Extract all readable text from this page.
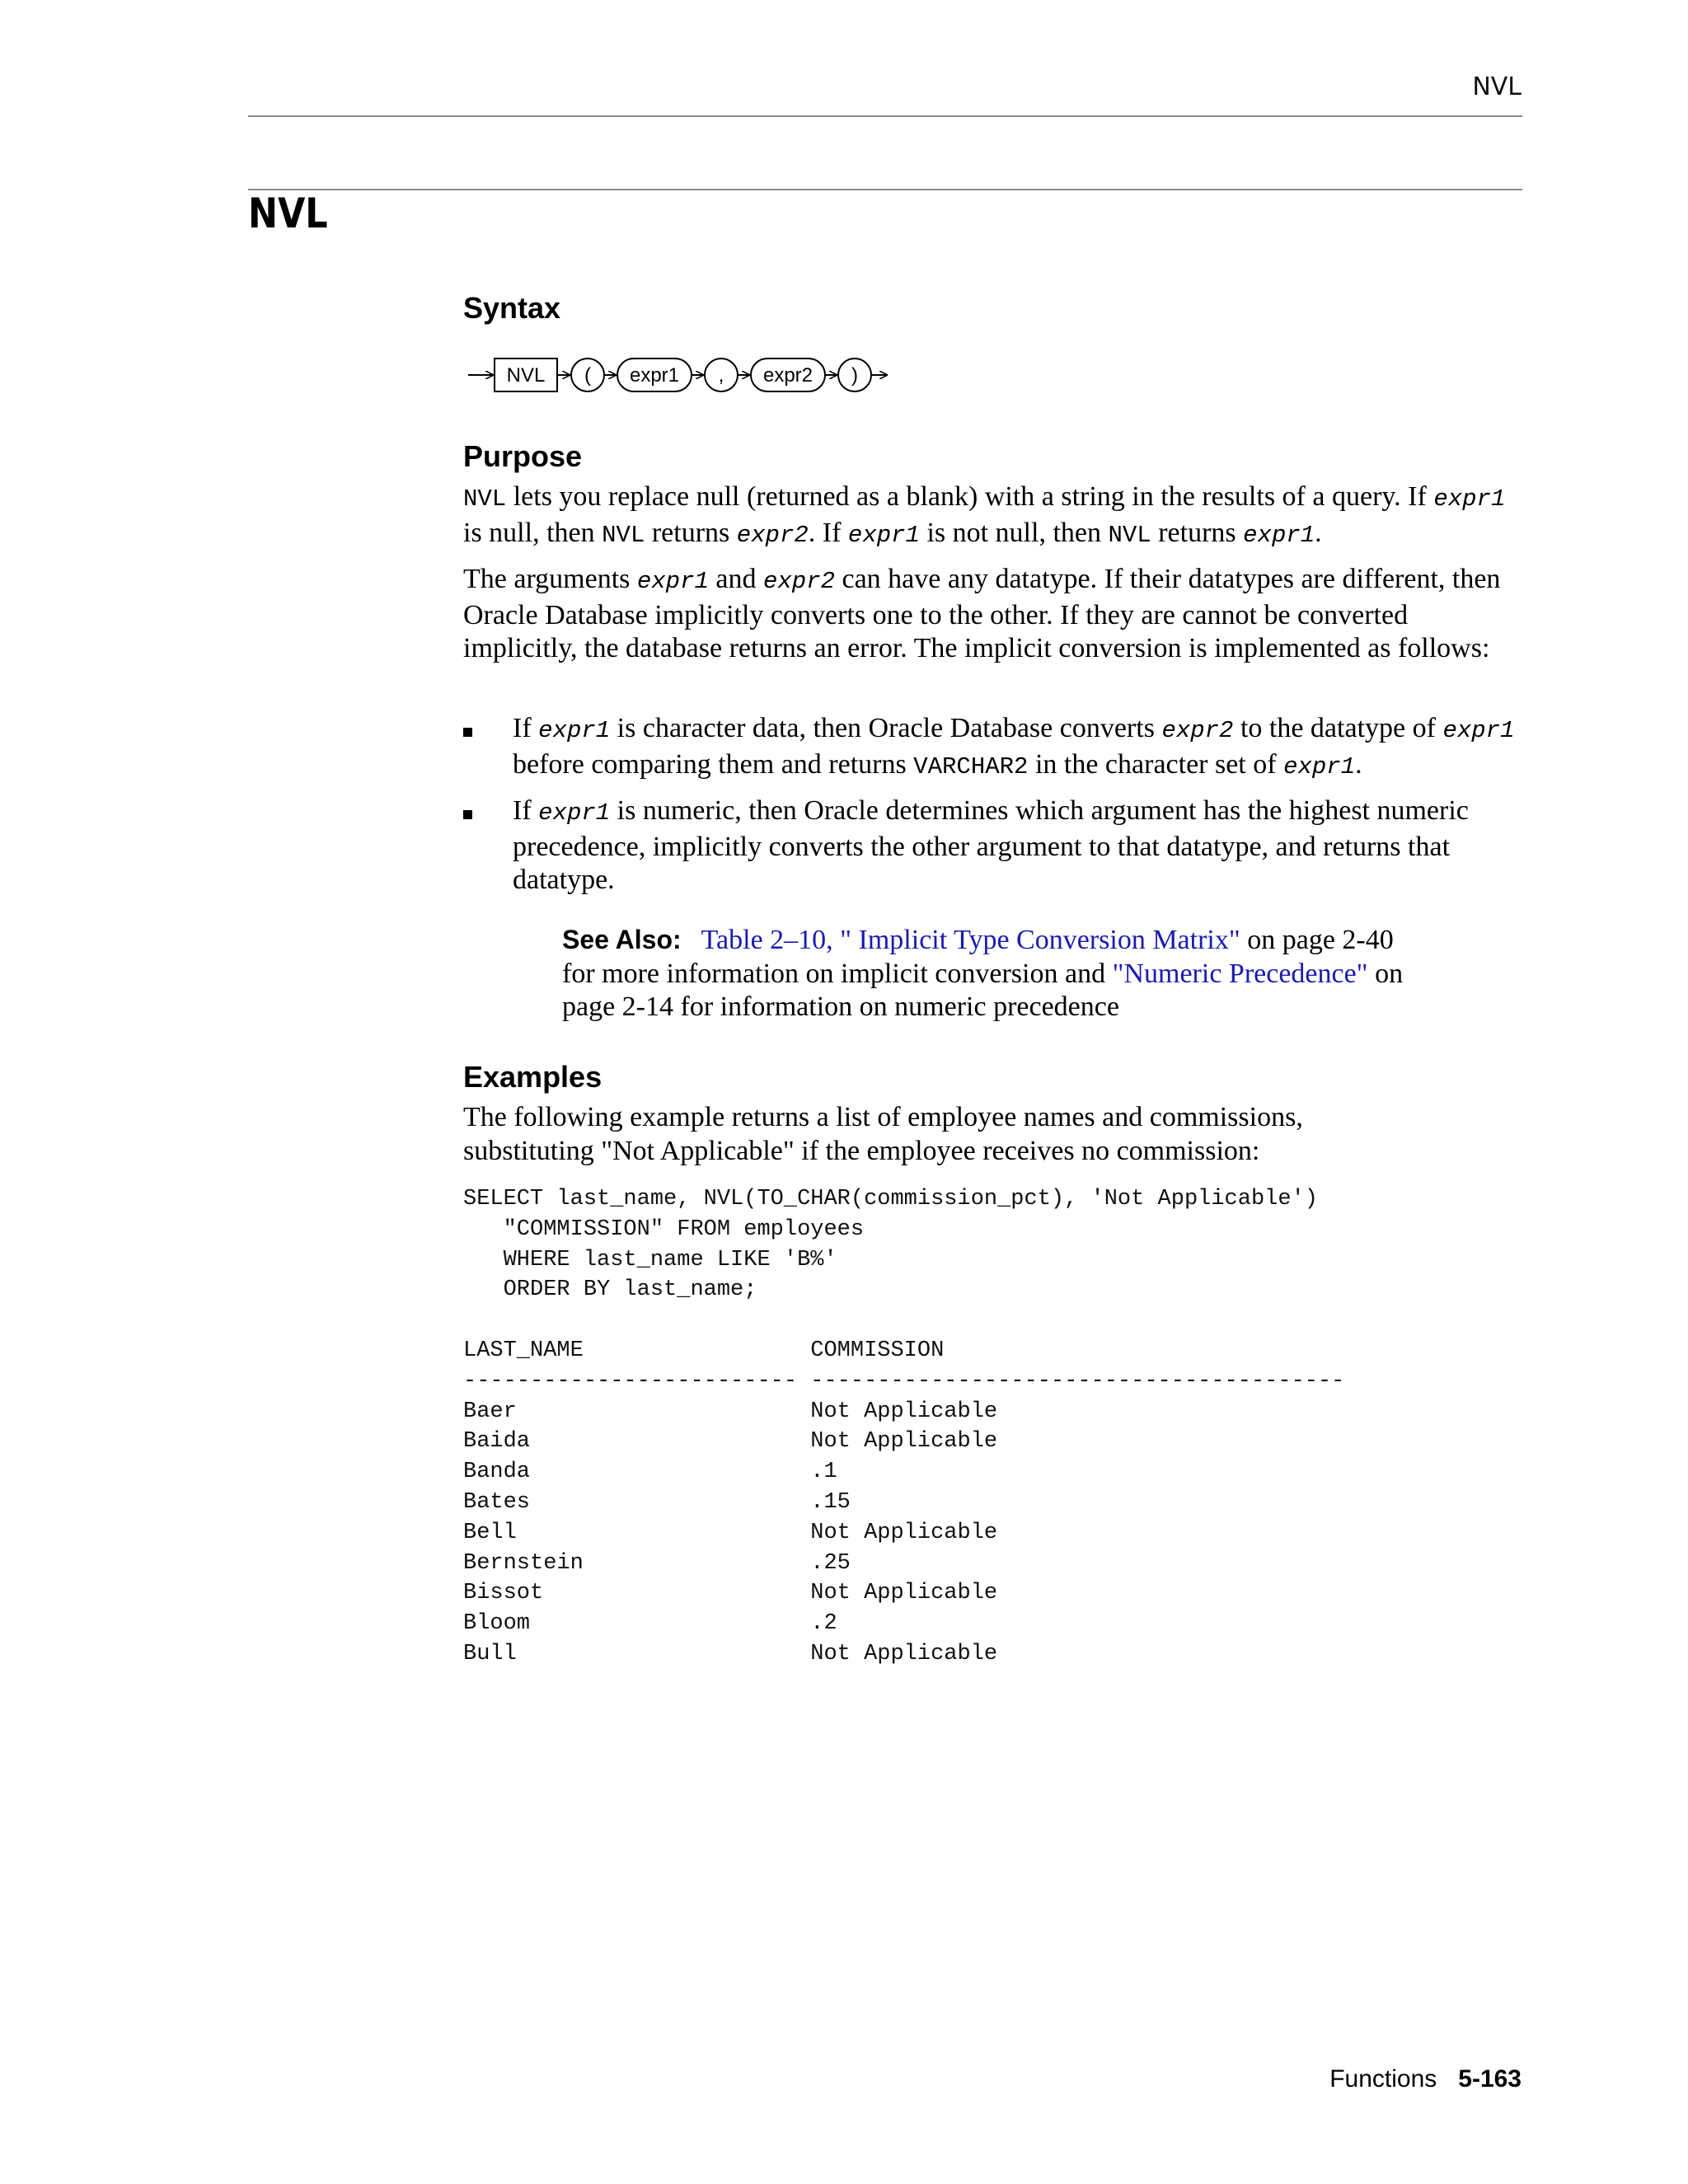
NVL
NVL
Syntax
NVL ( expr1 , expr2 )
Purpose

NVL lets you replace null (returned as a blank) with a string in the results of a query. If expr1 is null, then NVL returns expr2. If expr1 is not null, then NVL returns expr1.

The arguments expr1 and expr2 can have any datatype. If their datatypes are different, then Oracle Database implicitly converts one to the other. If they are cannot be converted implicitly, the database returns an error. The implicit conversion is implemented as follows:

If expr1 is character data, then Oracle Database converts expr2 to the datatype of expr1 before comparing them and returns VARCHAR2 in the character set of expr1.

If expr1 is numeric, then Oracle determines which argument has the highest numeric precedence, implicitly converts the other argument to that datatype, and returns that datatype.

See Also: Table 2–10, " Implicit Type Conversion Matrix" on page 2-40 for more information on implicit conversion and "Numeric Precedence" on page 2-14 for information on numeric precedence

Examples

The following example returns a list of employee names and commissions, substituting "Not Applicable" if the employee receives no commission:

SELECT last_name, NVL(TO_CHAR(commission_pct), 'Not Applicable')
"COMMISSION" FROM employees
WHERE last_name LIKE 'B%'
ORDER BY last_name;
LAST_NAME                 COMMISSION
------------------------- ----------------------------------------
Baer                      Not Applicable
Baida                     Not Applicable
Banda                     .1
Bates                     .15
Bell                      Not Applicable
Bernstein                 .25
Bissot                    Not Applicable
Bloom                     .2
Bull                      Not Applicable
Functions 5-163
